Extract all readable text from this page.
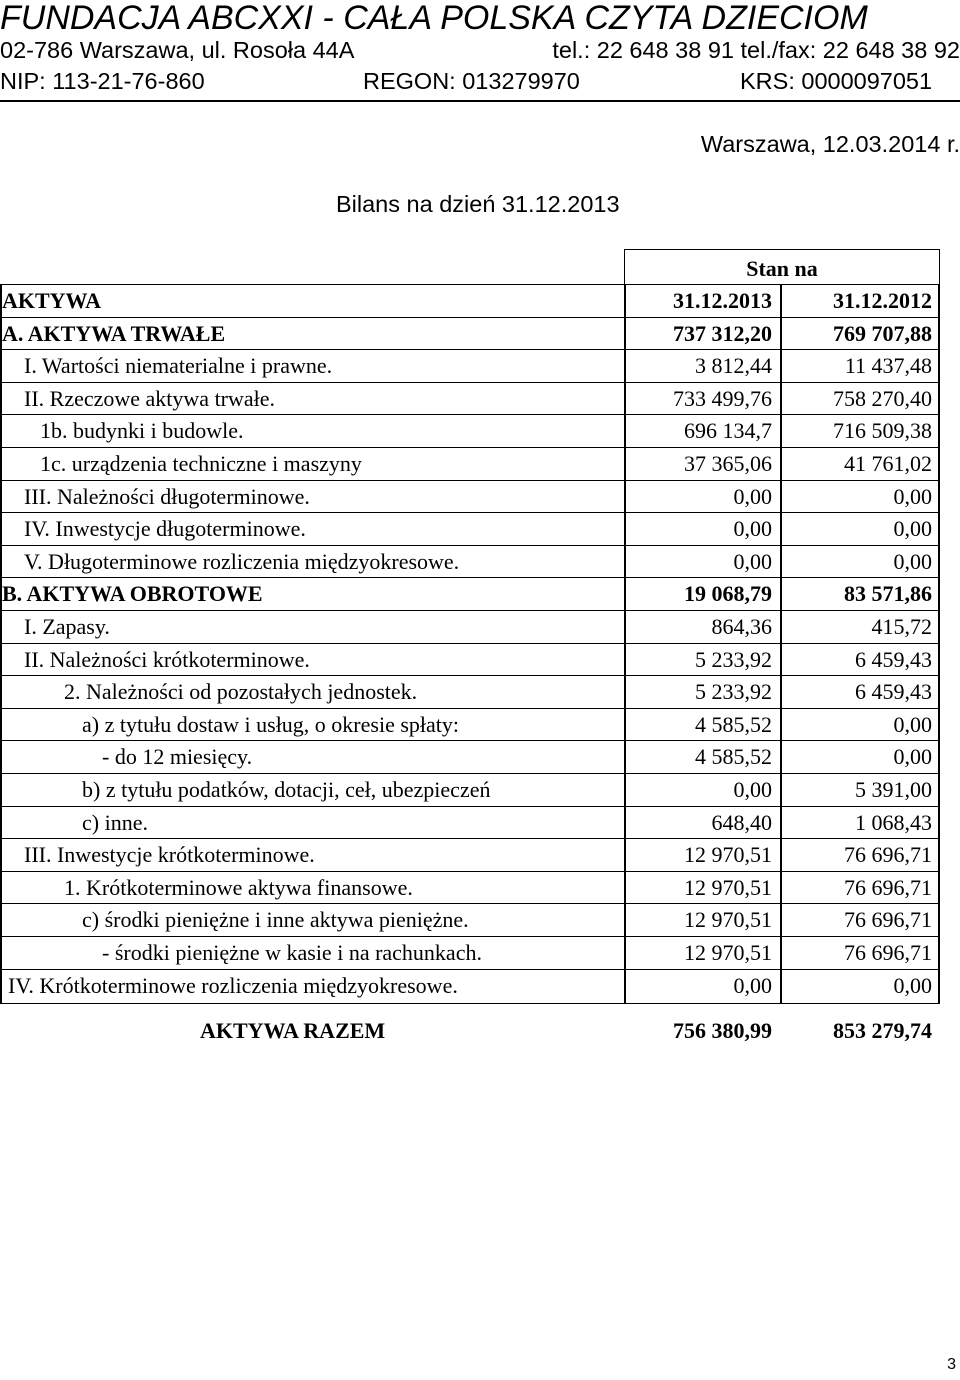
FUNDACJA ABCXXI - CAŁA POLSKA CZYTA DZIECIOM
02-786 Warszawa, ul. Rosoła 44A	tel.: 22 648 38 91 tel./fax: 22 648 38 92
NIP: 113-21-76-860	REGON: 013279970	KRS: 0000097051
Warszawa, 12.03.2014 r.
Bilans na dzień 31.12.2013
Stan na
AKTYWA	31.12.2013	31.12.2012
A. AKTYWA TRWAŁE	737 312,20	769 707,88
I. Wartości niematerialne i prawne.	3 812,44	11 437,48
II. Rzeczowe aktywa trwałe.	733 499,76	758 270,40
1b. budynki i budowle.	696 134,7	716 509,38
1c. urządzenia techniczne i maszyny	37 365,06	41 761,02
III. Należności długoterminowe.	0,00	0,00
IV. Inwestycje długoterminowe.	0,00	0,00
V. Długoterminowe rozliczenia międzyokresowe.	0,00	0,00
B. AKTYWA OBROTOWE	19 068,79	83 571,86
I. Zapasy.	864,36	415,72
II. Należności krótkoterminowe.	5 233,92	6 459,43
2. Należności od pozostałych jednostek.	5 233,92	6 459,43
a) z tytułu dostaw i usług, o okresie spłaty:	4 585,52	0,00
- do 12 miesięcy.	4 585,52	0,00
b) z tytułu podatków, dotacji, ceł, ubezpieczeń	0,00	5 391,00
c) inne.	648,40	1 068,43
III. Inwestycje krótkoterminowe.	12 970,51	76 696,71
1. Krótkoterminowe aktywa finansowe.	12 970,51	76 696,71
c) środki pieniężne i inne aktywa pieniężne.	12 970,51	76 696,71
- środki pieniężne w kasie i na rachunkach.	12 970,51	76 696,71
IV. Krótkoterminowe rozliczenia międzyokresowe.	0,00	0,00
AKTYWA RAZEM	756 380,99	853 279,74
3
